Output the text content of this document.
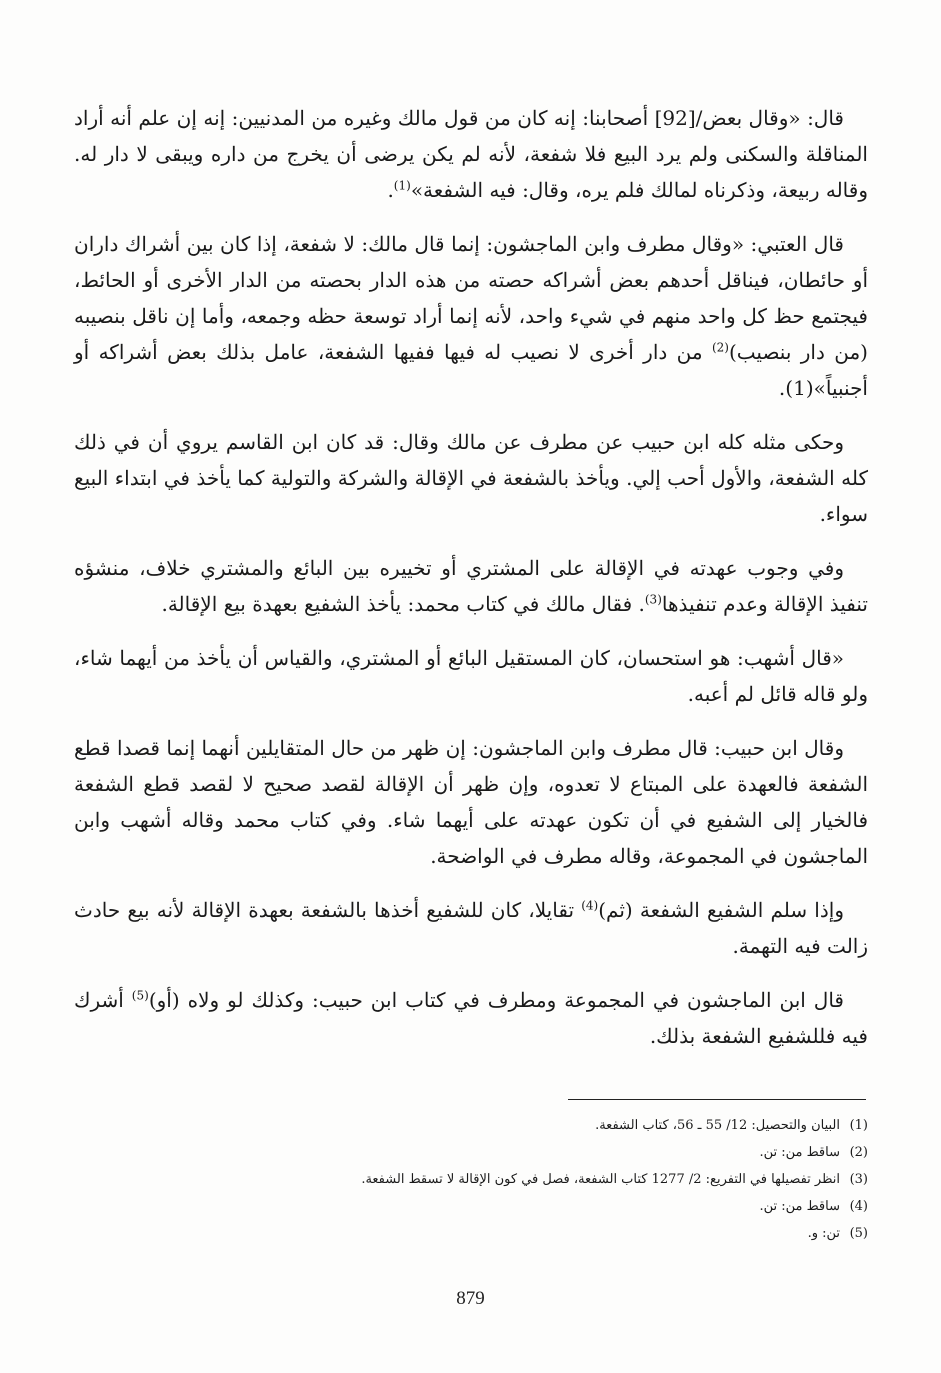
قال: «وقال بعض/[92] أصحابنا: إنه كان من قول مالك وغيره من المدنيين: إنه إن علم أنه أراد المناقلة والسكنى ولم يرد البيع فلا شفعة، لأنه لم يكن يرضى أن يخرج من داره ويبقى لا دار له. وقاله ربيعة، وذكرناه لمالك فلم يره، وقال: فيه الشفعة»$^{(1)}$.

قال العتبي: «وقال مطرف وابن الماجشون: إنما قال مالك: لا شفعة، إذا كان بين أشراك داران أو حائطان، فيناقل أحدهم بعض أشراكه حصته من هذه الدار بحصته من الدار الأخرى أو الحائط، فيجتمع حظ كل واحد منهم في شيء واحد، لأنه إنما أراد توسعة حظه وجمعه، وأما إن ناقل بنصيبه (من دار بنصيب)$^{(2)}$ من دار أخرى لا نصيب له فيها ففيها الشفعة، عامل بذلك بعض أشراكه أو أجنبياً»(1).

وحكى مثله كله ابن حبيب عن مطرف عن مالك وقال: قد كان ابن القاسم يروي أن في ذلك كله الشفعة، والأول أحب إلي. ويأخذ بالشفعة في الإقالة والشركة والتولية كما يأخذ في ابتداء البيع سواء.

وفي وجوب عهدته في الإقالة على المشتري أو تخييره بين البائع والمشتري خلاف، منشؤه تنفيذ الإقالة وعدم تنفيذها$^{(3)}$. فقال مالك في كتاب محمد: يأخذ الشفيع بعهدة بيع الإقالة.

«قال أشهب: هو استحسان، كان المستقيل البائع أو المشتري، والقياس أن يأخذ من أيهما شاء، ولو قاله قائل لم أعبه.

وقال ابن حبيب: قال مطرف وابن الماجشون: إن ظهر من حال المتقايلين أنهما إنما قصدا قطع الشفعة فالعهدة على المبتاع لا تعدوه، وإن ظهر أن الإقالة لقصد صحيح لا لقصد قطع الشفعة فالخيار إلى الشفيع في أن تكون عهدته على أيهما شاء. وفي كتاب محمد وقاله أشهب وابن الماجشون في المجموعة، وقاله مطرف في الواضحة.

وإذا سلم الشفيع الشفعة (ثم)$^{(4)}$ تقايلا، كان للشفيع أخذها بالشفعة بعهدة الإقالة لأنه بيع حادث زالت فيه التهمة.

قال ابن الماجشون في المجموعة ومطرف في كتاب ابن حبيب: وكذلك لو ولاه (أو)$^{(5)}$ أشرك فيه فللشفيع الشفعة بذلك.

(1)البيان والتحصيل: 12/ 55 ـ 56، كتاب الشفعة.
(2)ساقط من: تن.
(3)انظر تفصيلها في التفريع: 2/ 1277 كتاب الشفعة، فصل في كون الإقالة لا تسقط الشفعة.
(4)ساقط من: تن.
(5)تن: و.
879
